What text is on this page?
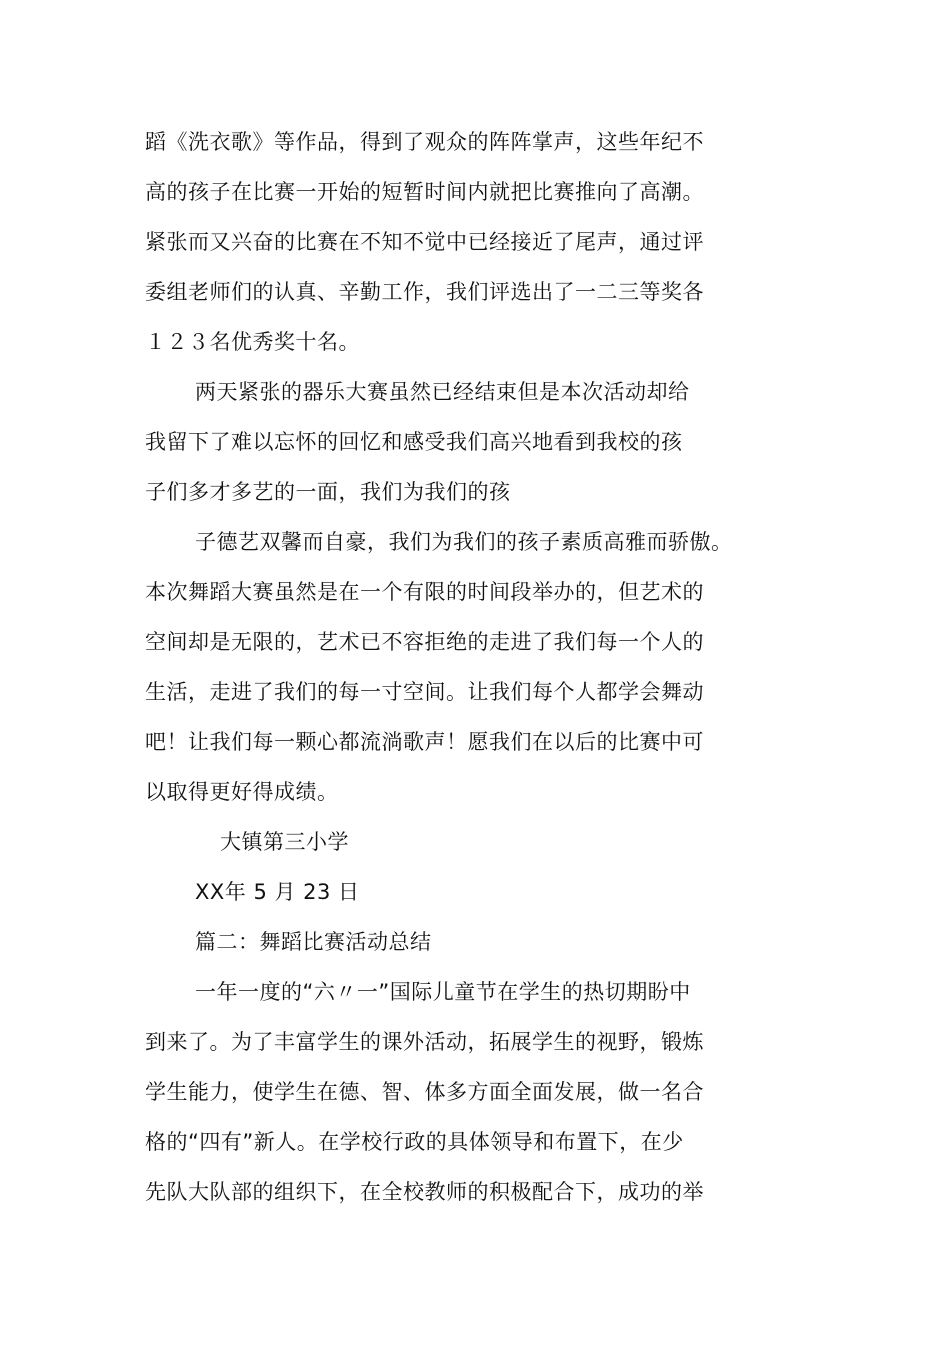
蹈《洗衣歌》等作品，得到了观众的阵阵掌声，这些年纪不
高的孩子在比赛一开始的短暂时间内就把比赛推向了高潮。
紧张而又兴奋的比赛在不知不觉中已经接近了尾声，通过评
委组老师们的认真、辛勤工作，我们评选出了一二三等奖各
１２３名优秀奖十名。
两天紧张的器乐大赛虽然已经结束但是本次活动却给
我留下了难以忘怀的回忆和感受我们高兴地看到我校的孩
子们多才多艺的一面，我们为我们的孩
子德艺双馨而自豪，我们为我们的孩子素质高雅而骄傲。
本次舞蹈大赛虽然是在一个有限的时间段举办的，但艺术的
空间却是无限的，艺术已不容拒绝的走进了我们每一个人的
生活，走进了我们的每一寸空间。让我们每个人都学会舞动
吧！让我们每一颗心都流淌歌声！愿我们在以后的比赛中可
以取得更好得成绩。
大镇第三小学
XX年 5 月 23 日
篇二：舞蹈比赛活动总结
一年一度的“六〃一”国际儿童节在学生的热切期盼中
到来了。为了丰富学生的课外活动，拓展学生的视野，锻炼
学生能力，使学生在德、智、体多方面全面发展，做一名合
格的“四有”新人。在学校行政的具体领导和布置下，在少
先队大队部的组织下，在全校教师的积极配合下，成功的举
